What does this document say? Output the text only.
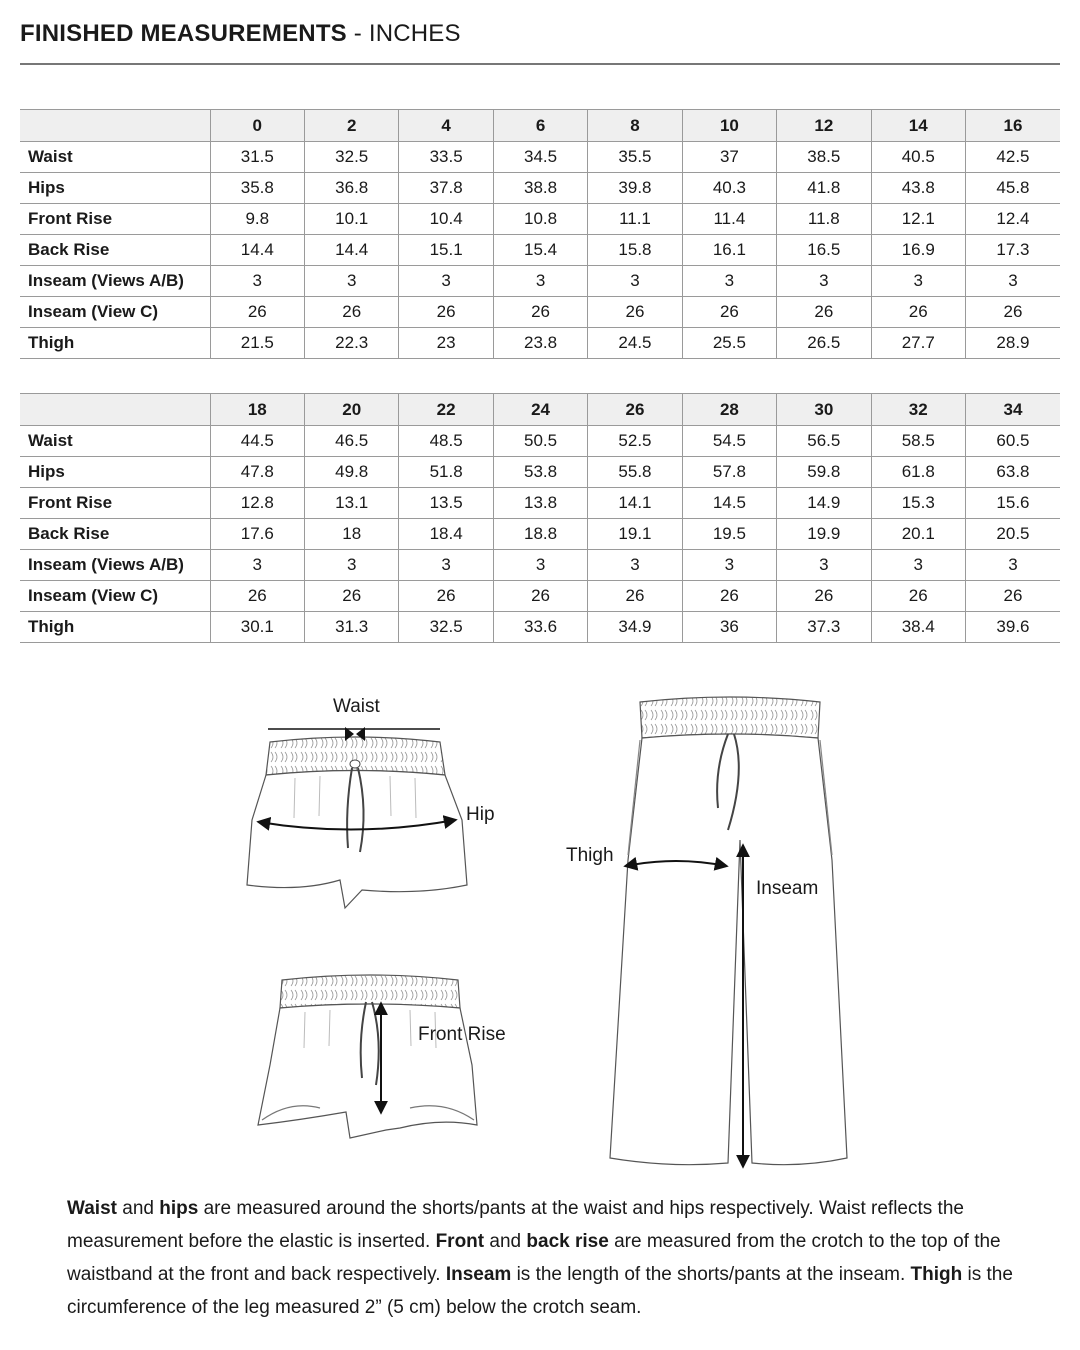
FINISHED MEASUREMENTS - INCHES
	0	2	4	6	8	10	12	14	16
Waist	31.5	32.5	33.5	34.5	35.5	37	38.5	40.5	42.5
Hips	35.8	36.8	37.8	38.8	39.8	40.3	41.8	43.8	45.8
Front Rise	9.8	10.1	10.4	10.8	11.1	11.4	11.8	12.1	12.4
Back Rise	14.4	14.4	15.1	15.4	15.8	16.1	16.5	16.9	17.3
Inseam (Views A/B)	3	3	3	3	3	3	3	3	3
Inseam (View C)	26	26	26	26	26	26	26	26	26
Thigh	21.5	22.3	23	23.8	24.5	25.5	26.5	27.7	28.9
	18	20	22	24	26	28	30	32	34
Waist	44.5	46.5	48.5	50.5	52.5	54.5	56.5	58.5	60.5
Hips	47.8	49.8	51.8	53.8	55.8	57.8	59.8	61.8	63.8
Front Rise	12.8	13.1	13.5	13.8	14.1	14.5	14.9	15.3	15.6
Back Rise	17.6	18	18.4	18.8	19.1	19.5	19.9	20.1	20.5
Inseam (Views A/B)	3	3	3	3	3	3	3	3	3
Inseam (View C)	26	26	26	26	26	26	26	26	26
Thigh	30.1	31.3	32.5	33.6	34.9	36	37.3	38.4	39.6
Waist
Hip
Front Rise
Thigh
Inseam
Waist and hips are measured around the shorts/pants at the waist and hips respectively. Waist reflects the measurement before the elastic is inserted. Front and back rise are measured from the crotch to the top of the waistband at the front and back respectively. Inseam is the length of the shorts/pants at the inseam. Thigh is the circumference of the leg measured 2” (5 cm) below the crotch seam.
